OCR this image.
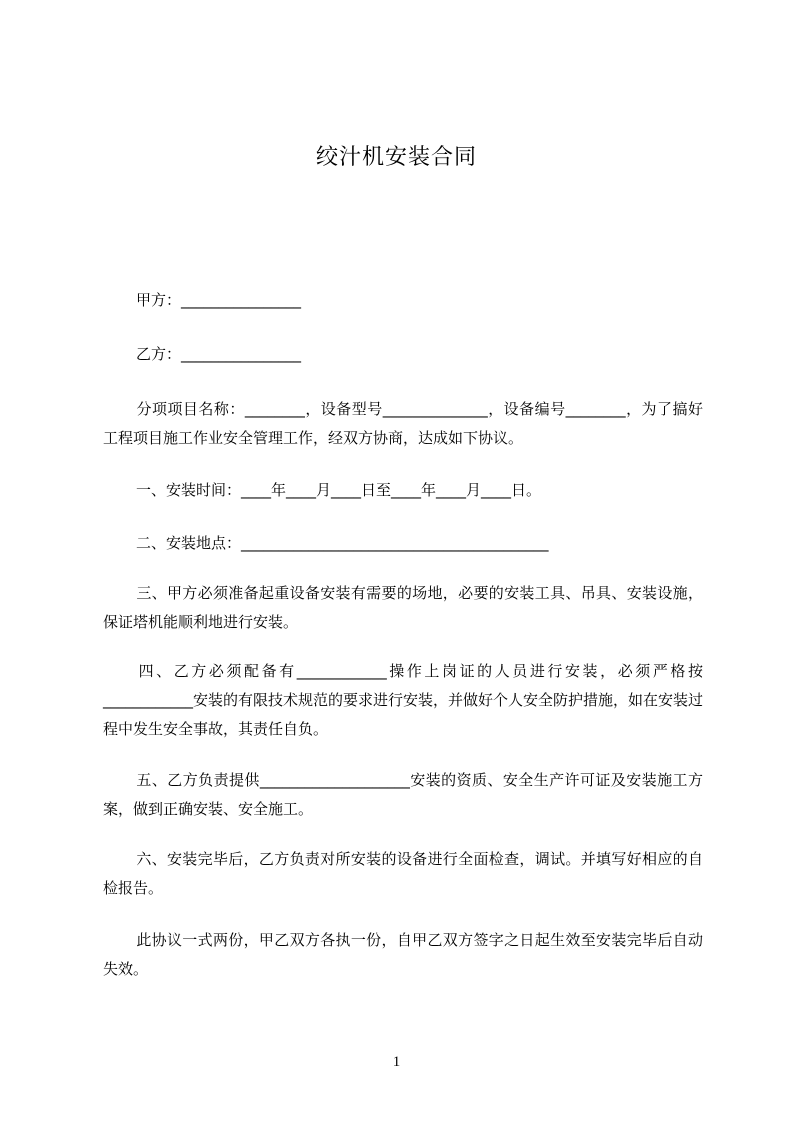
绞汁机安装合同
甲方：________________
乙方：________________
分项项目名称：________，设备型号______________，设备编号________，为了搞好工程项目施工作业安全管理工作，经双方协商，达成如下协议。
一、安装时间：____年____月____日至____年____月____日。
二、安装地点：_________________________________________
三、甲方必须准备起重设备安装有需要的场地，必要的安装工具、吊具、安装设施，保证塔机能顺利地进行安装。
四、乙方必须配备有____________操作上岗证的人员进行安装，必须严格按____________安装的有限技术规范的要求进行安装，并做好个人安全防护措施，如在安装过程中发生安全事故，其责任自负。
五、乙方负责提供____________________安装的资质、安全生产许可证及安装施工方案，做到正确安装、安全施工。
六、安装完毕后，乙方负责对所安装的设备进行全面检查，调试。并填写好相应的自检报告。
此协议一式两份，甲乙双方各执一份，自甲乙双方签字之日起生效至安装完毕后自动失效。
1
